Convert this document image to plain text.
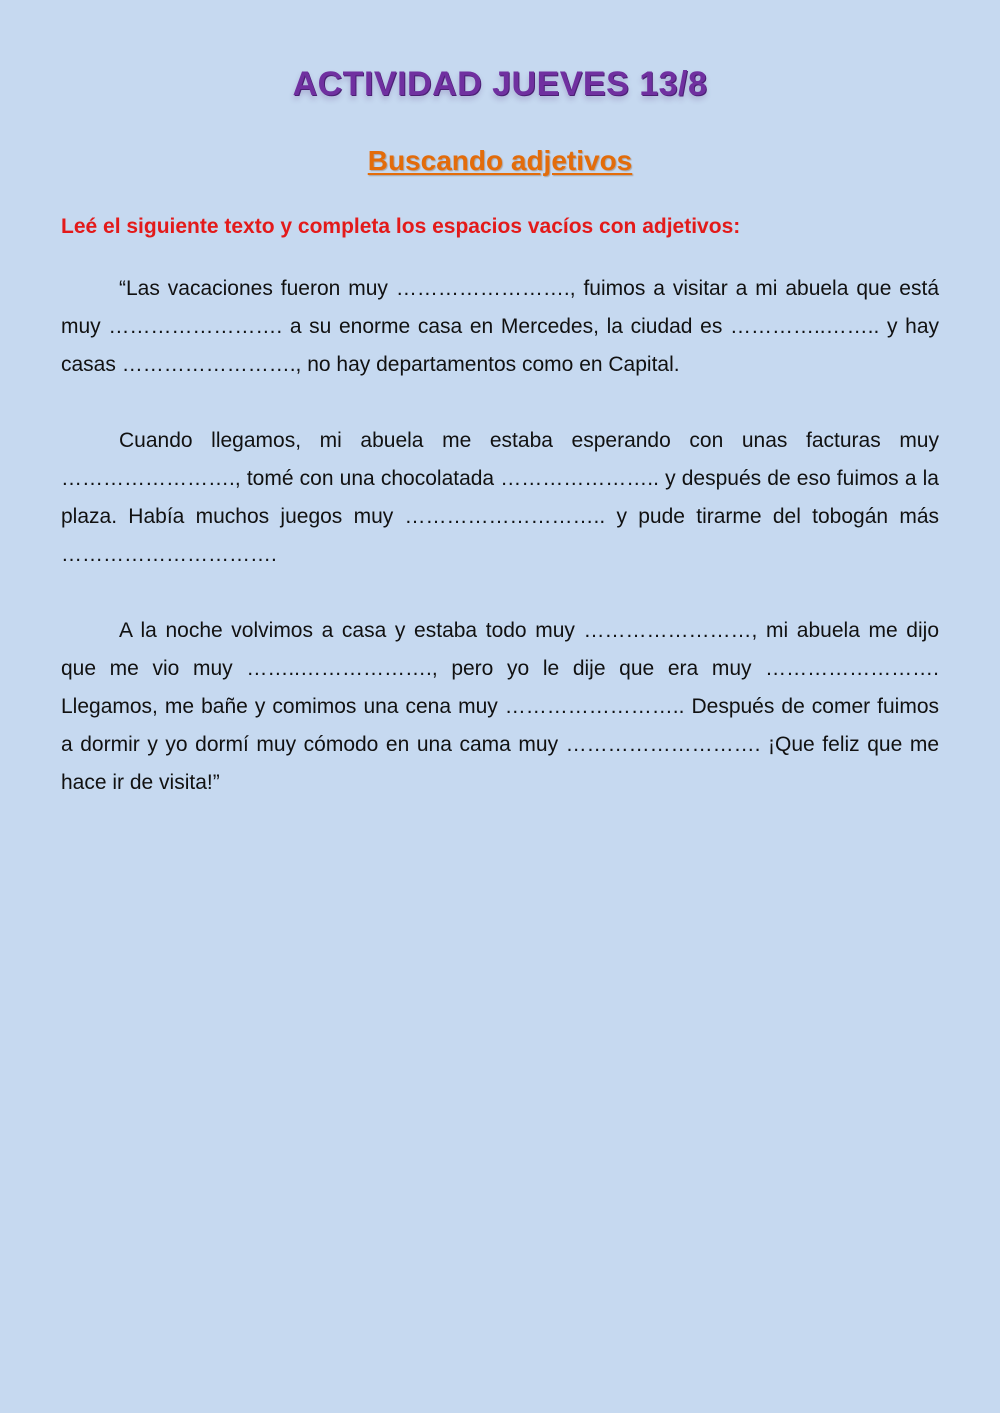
ACTIVIDAD JUEVES 13/8
Buscando adjetivos
Leé el siguiente texto y completa los espacios vacíos con adjetivos:

“Las vacaciones fueron muy ……………………., fuimos a visitar a mi abuela que está muy ……………………. a su enorme casa en Mercedes, la ciudad es …………..…….. y hay casas ……………………., no hay departamentos como en Capital.

Cuando llegamos, mi abuela me estaba esperando con unas facturas muy ……………………., tomé con una chocolatada ………………….. y después de eso fuimos a la plaza. Había muchos juegos muy ……………………….. y pude tirarme del tobogán más ………………………….

A la noche volvimos a casa y estaba todo muy ……………………, mi abuela me dijo que me vio muy ……..………………., pero yo le dije que era muy ……………………. Llegamos, me bañe y comimos una cena muy …………………….. Después de comer fuimos a dormir y yo dormí muy cómodo en una cama muy ………………………. ¡Que feliz que me hace ir de visita!”
